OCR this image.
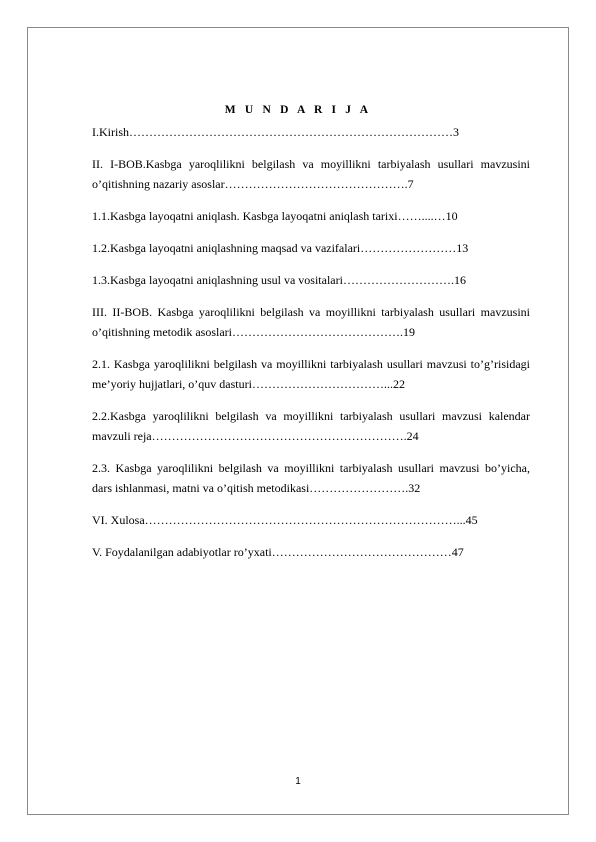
M U N D A R I J A

I.Kirish………………………………………………………………………3

II. I-BOB.Kasbga yaroqlilikni belgilash va moyillikni tarbiyalash usullari mavzusini o’qitishning nazariy asoslar……………………………………….7

1.1.Kasbga layoqatni aniqlash. Kasbga layoqatni aniqlash tarixi……....…10

1.2.Kasbga layoqatni aniqlashning maqsad va vazifalari……………………13

1.3.Kasbga layoqatni aniqlashning usul va vositalari……………………….16

III. II-BOB. Kasbga yaroqlilikni belgilash va moyillikni tarbiyalash usullari mavzusini o’qitishning metodik asoslari…………………………………….19

2.1. Kasbga yaroqlilikni belgilash va moyillikni tarbiyalash usullari mavzusi to’g’risidagi me’yoriy hujjatlari, o’quv dasturi……………………………...22

2.2.Kasbga yaroqlilikni belgilash va moyillikni tarbiyalash usullari mavzusi kalendar mavzuli reja……………………………………………………….24

2.3. Kasbga yaroqlilikni belgilash va moyillikni tarbiyalash usullari mavzusi bo’yicha, dars ishlanmasi, matni va o’qitish metodikasi…………………….32

VI. Xulosa……………………………………………………………………...45

V. Foydalanilgan adabiyotlar ro’yxati………………………………………47

1
